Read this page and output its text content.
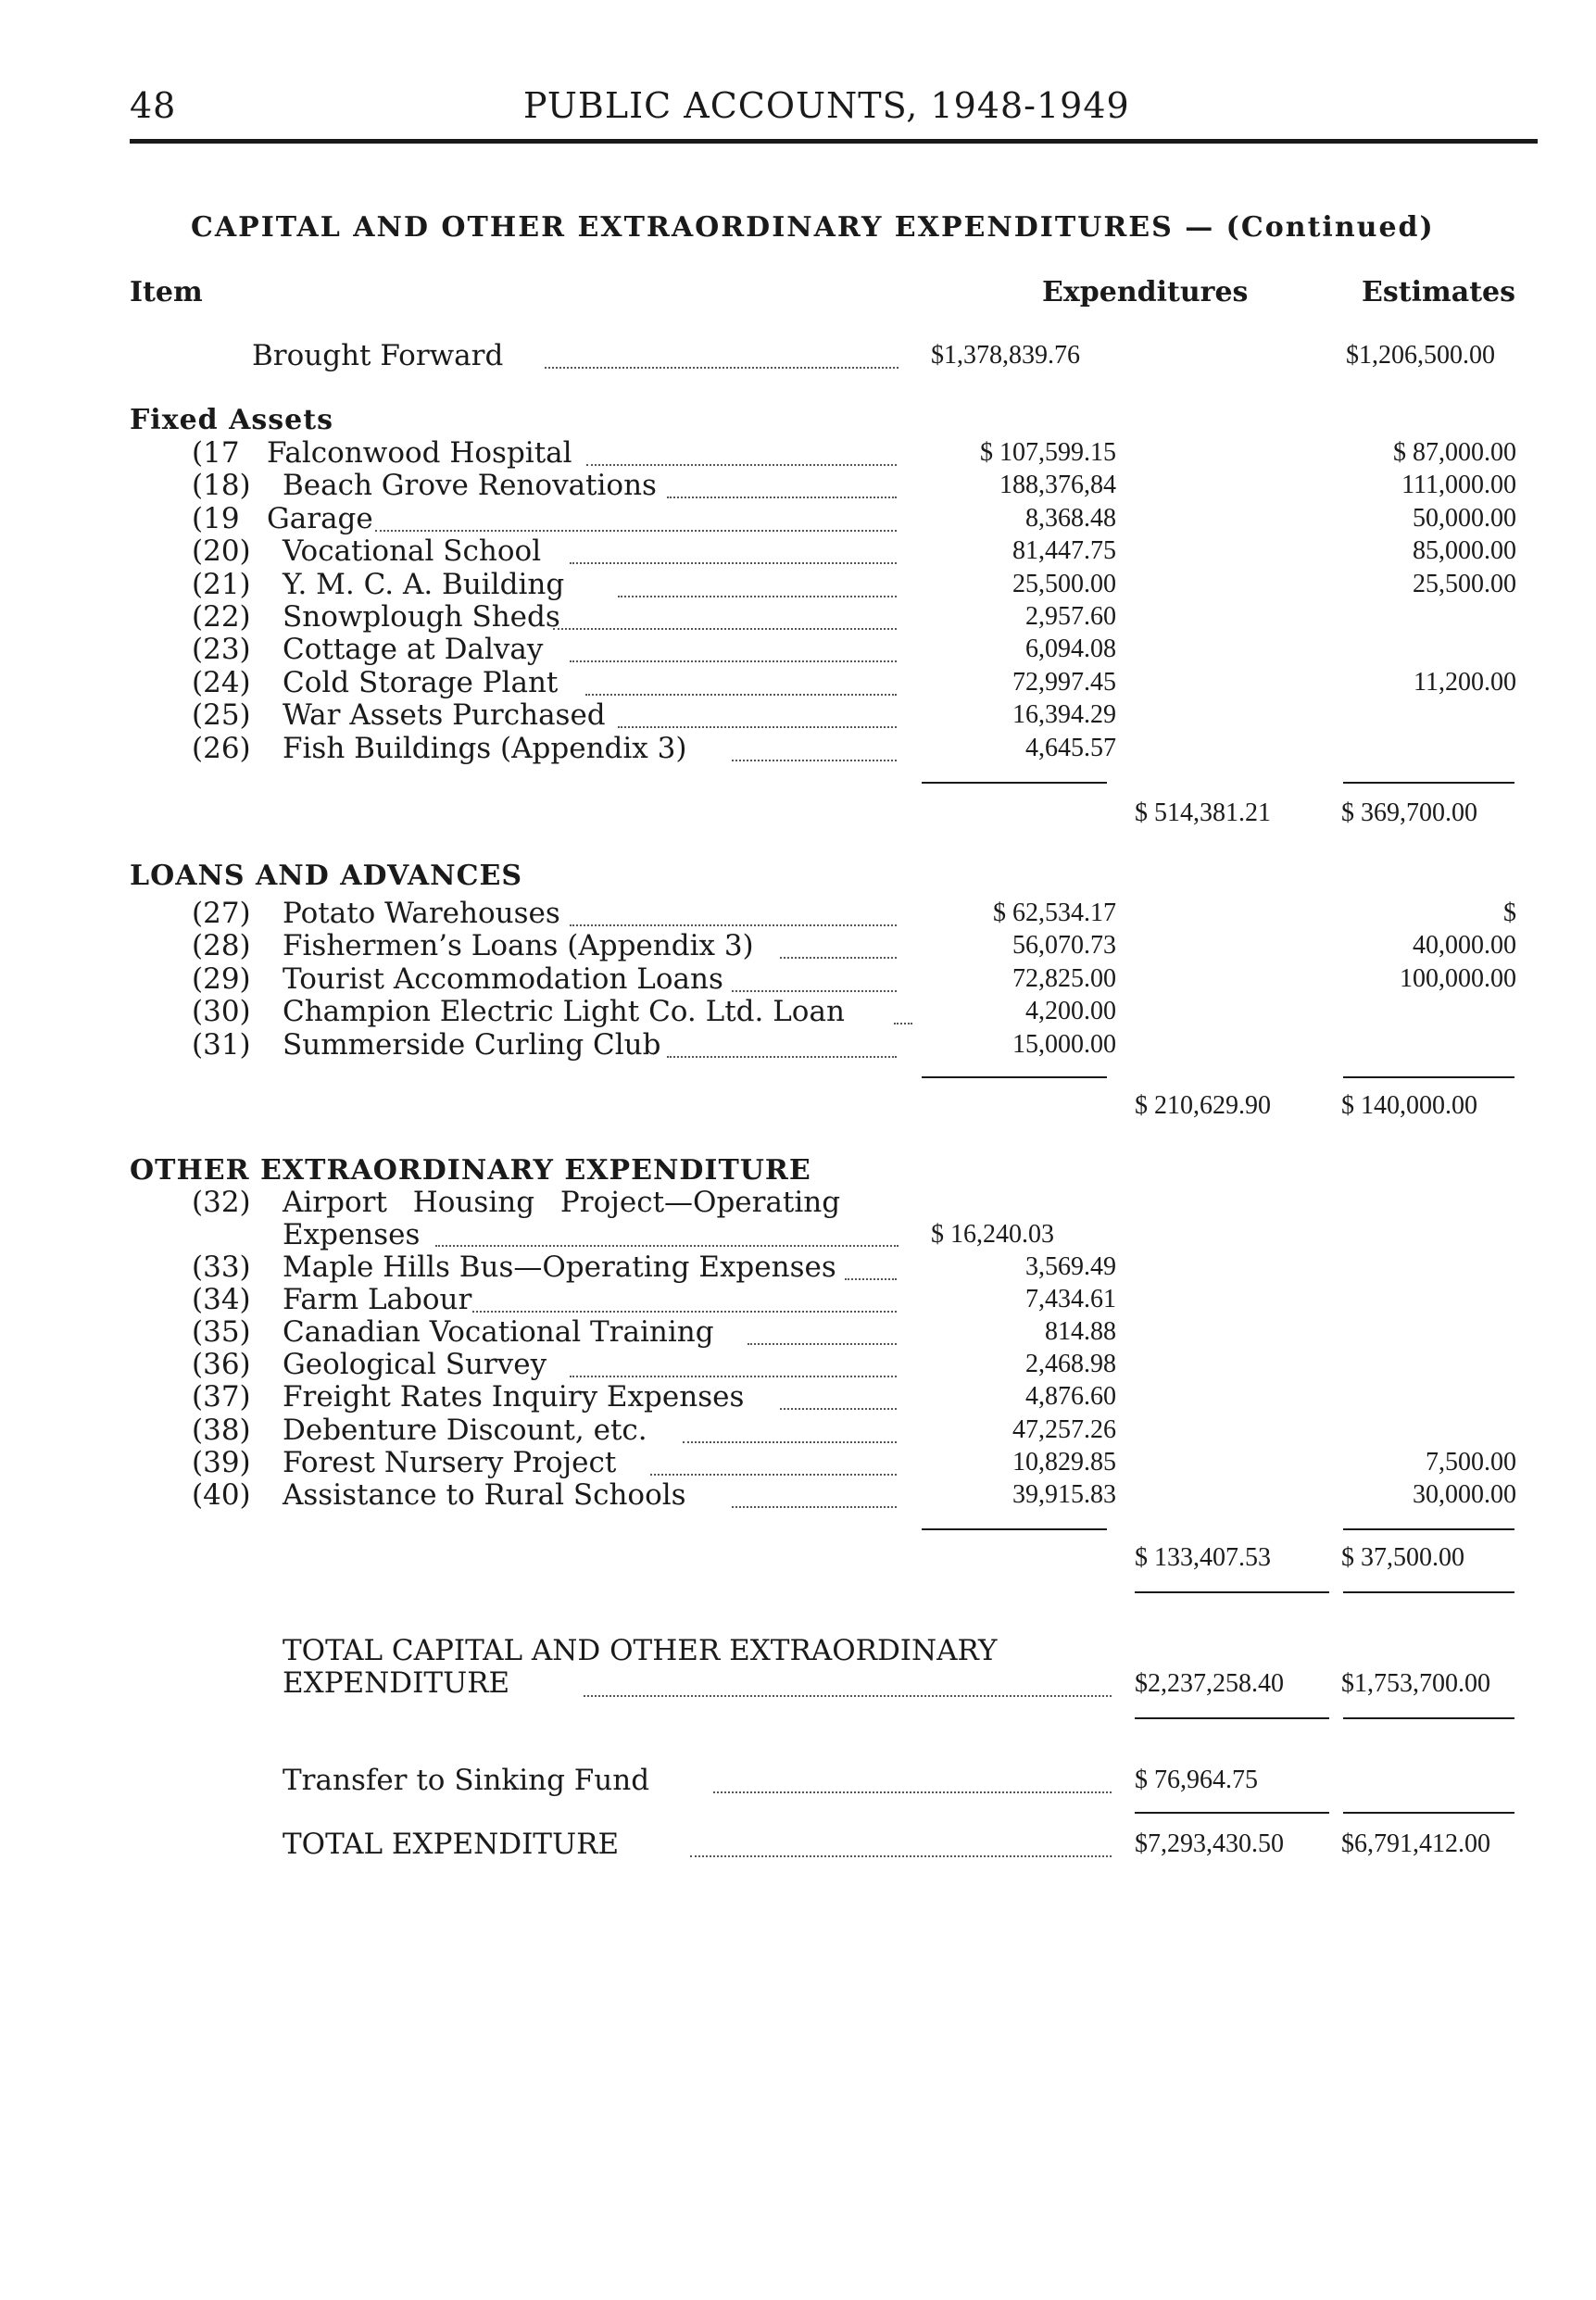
48	PUBLIC ACCOUNTS, 1948-1949
CAPITAL AND OTHER EXTRAORDINARY EXPENDITURES — (Continued)
Item	Expenditures	Estimates
Brought Forward	$1,378,839.76	$1,206,500.00
Fixed Assets
(17 Falconwood Hospital	$ 107,599.15	$ 87,000.00
(18) Beach Grove Renovations	188,376,84	111,000.00
(19 Garage	8,368.48	50,000.00
(20) Vocational School	81,447.75	85,000.00
(21) Y. M. C. A. Building	25,500.00	25,500.00
(22) Snowplough Sheds	2,957.60
(23) Cottage at Dalvay	6,094.08
(24) Cold Storage Plant	72,997.45	11,200.00
(25) War Assets Purchased	16,394.29
(26) Fish Buildings (Appendix 3)	4,645.57
$ 514,381.21	$ 369,700.00
LOANS AND ADVANCES
(27) Potato Warehouses	$ 62,534.17	$
(28) Fishermen’s Loans (Appendix 3)	56,070.73	40,000.00
(29) Tourist Accommodation Loans	72,825.00	100,000.00
(30) Champion Electric Light Co. Ltd. Loan	4,200.00
(31) Summerside Curling Club	15,000.00
$ 210,629.90	$ 140,000.00
OTHER EXTRAORDINARY EXPENDITURE
(32) Airport Housing Project—Operating
Expenses	$ 16,240.03
(33) Maple Hills Bus—Operating Expenses	3,569.49
(34) Farm Labour	7,434.61
(35) Canadian Vocational Training	814.88
(36) Geological Survey	2,468.98
(37) Freight Rates Inquiry Expenses	4,876.60
(38) Debenture Discount, etc.	47,257.26
(39) Forest Nursery Project	10,829.85	7,500.00
(40) Assistance to Rural Schools	39,915.83	30,000.00
$ 133,407.53	$ 37,500.00
TOTAL CAPITAL AND OTHER EXTRAORDINARY
EXPENDITURE	$2,237,258.40 $1,753,700.00
Transfer to Sinking Fund	$ 76,964.75
TOTAL EXPENDITURE	$7,293,430.50 $6,791,412.00
